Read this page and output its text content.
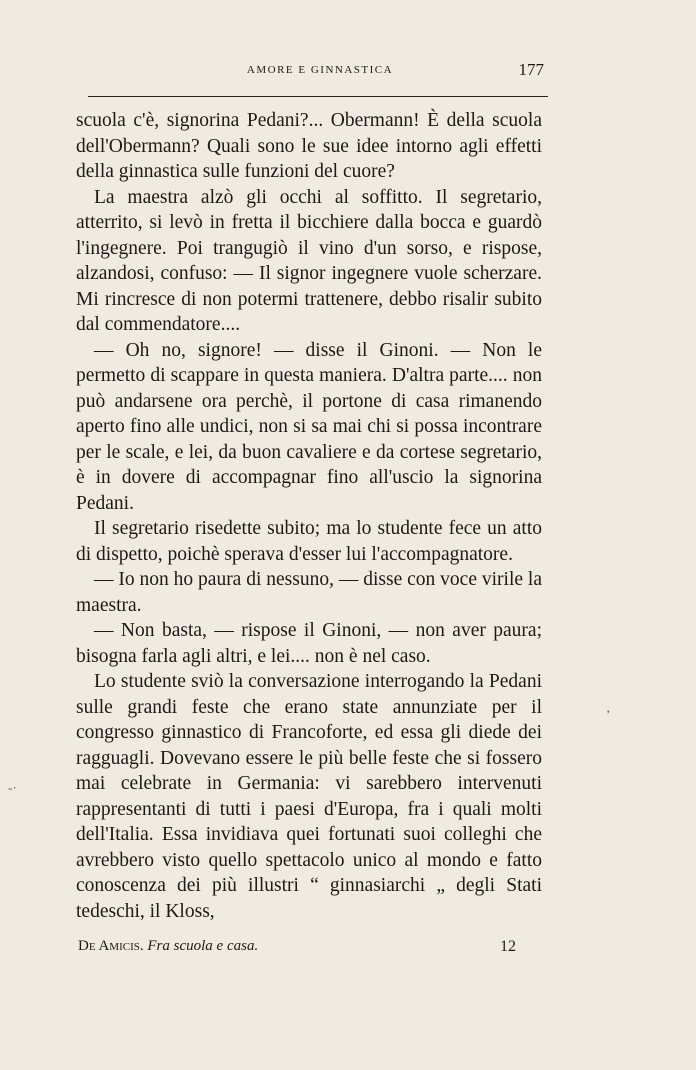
AMORE E GINNASTICA	177

scuola c'è, signorina Pedani?... Obermann! È della scuola dell'Obermann? Quali sono le sue idee intorno agli effetti della ginnastica sulle funzioni del cuore?

La maestra alzò gli occhi al soffitto. Il segretario, atterrito, si levò in fretta il bicchiere dalla bocca e guardò l'ingegnere. Poi trangugiò il vino d'un sorso, e rispose, alzandosi, confuso: — Il signor ingegnere vuole scherzare. Mi rincresce di non potermi trattenere, debbo risalir subito dal commendatore....

— Oh no, signore! — disse il Ginoni. — Non le permetto di scappare in questa maniera. D'altra parte.... non può andarsene ora perchè, il portone di casa rimanendo aperto fino alle undici, non si sa mai chi si possa incontrare per le scale, e lei, da buon cavaliere e da cortese segretario, è in dovere di accompagnar fino all'uscio la signorina Pedani.

Il segretario risedette subito; ma lo studente fece un atto di dispetto, poichè sperava d'esser lui l'accompagnatore.

— Io non ho paura di nessuno, — disse con voce virile la maestra.

— Non basta, — rispose il Ginoni, — non aver paura; bisogna farla agli altri, e lei.... non è nel caso.

Lo studente sviò la conversazione interrogando la Pedani sulle grandi feste che erano state annunziate per il congresso ginnastico di Francoforte, ed essa gli diede dei ragguagli. Dovevano essere le più belle feste che si fossero mai celebrate in Germania: vi sarebbero intervenuti rappresentanti di tutti i paesi d'Europa, fra i quali molti dell'Italia. Essa invidiava quei fortunati suoi colleghi che avrebbero visto quello spettacolo unico al mondo e fatto conoscenza dei più illustri “ ginnasiarchi „ degli Stati tedeschi, il Kloss,

De Amicis. Fra scuola e casa.	12
‚
-·
